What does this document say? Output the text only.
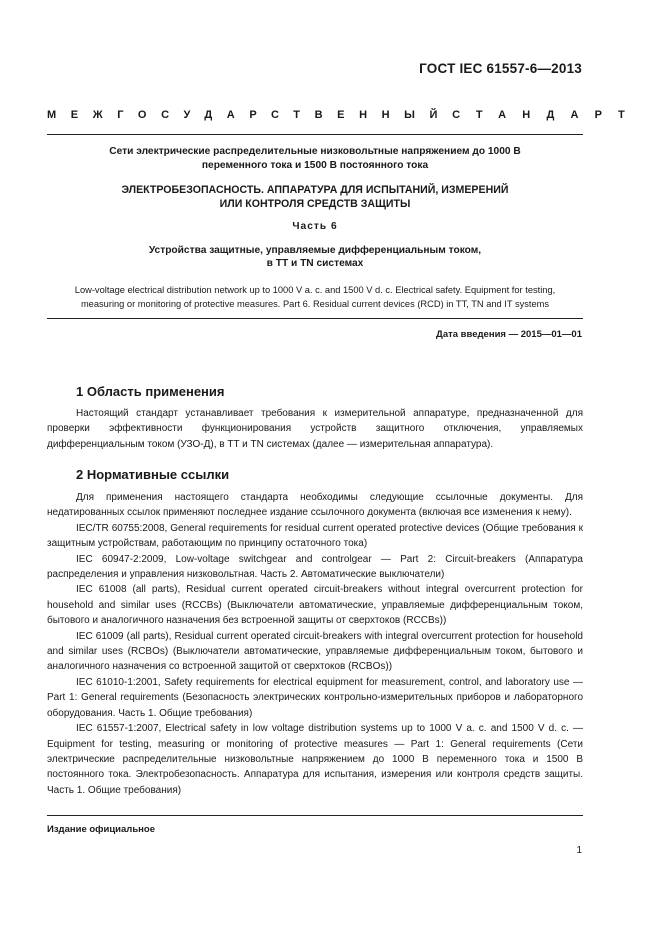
ГОСТ IEC 61557-6—2013
МЕЖГОСУДАРСТВЕННЫЙ СТАНДАРТ
Сети электрические распределительные низковольтные напряжением до 1000 В
переменного тока и 1500 В постоянного тока
ЭЛЕКТРОБЕЗОПАСНОСТЬ. АППАРАТУРА ДЛЯ ИСПЫТАНИЙ, ИЗМЕРЕНИЙ
ИЛИ КОНТРОЛЯ СРЕДСТВ ЗАЩИТЫ
Часть 6
Устройства защитные, управляемые дифференциальным током,
в TT и TN системах
Low-voltage electrical distribution network up to 1000 V a. c. and 1500 V d. c. Electrical safety. Equipment for testing,
measuring or monitoring of protective measures. Part 6. Residual current devices (RCD) in TT, TN and IT systems
Дата введения — 2015—01—01
1 Область применения

Настоящий стандарт устанавливает требования к измерительной аппаратуре, предназначенной для проверки эффективности функционирования устройств защитного отключения, управляемых дифференциальным током (УЗО-Д), в TT и TN системах (далее — измерительная аппаратура).

2 Нормативные ссылки

Для применения настоящего стандарта необходимы следующие ссылочные документы. Для недатированных ссылок применяют последнее издание ссылочного документа (включая все изменения к нему).

IEC/TR 60755:2008, General requirements for residual current operated protective devices (Общие требования к защитным устройствам, работающим по принципу остаточного тока)

IEC 60947-2:2009, Low-voltage switchgear and controlgear — Part 2: Circuit-breakers (Аппаратура распределения и управления низковольтная. Часть 2. Автоматические выключатели)

IEC 61008 (all parts), Residual current operated circuit-breakers without integral overcurrent protection for household and similar uses (RCCBs) (Выключатели автоматические, управляемые дифференциальным током, бытового и аналогичного назначения без встроенной защиты от сверхтоков (RCCBs))

IEC 61009 (all parts), Residual current operated circuit-breakers with integral overcurrent protection for household and similar uses (RCBOs) (Выключатели автоматические, управляемые дифференциальным током, бытового и аналогичного назначения со встроенной защитой от сверхтоков (RCBOs))

IEC 61010-1:2001, Safety requirements for electrical equipment for measurement, control, and laboratory use — Part 1: General requirements (Безопасность электрических контрольно-измерительных приборов и лабораторного оборудования. Часть 1. Общие требования)

IEC 61557-1:2007, Electrical safety in low voltage distribution systems up to 1000 V a. c. and 1500 V d. c. — Equipment for testing, measuring or monitoring of protective measures — Part 1: General requirements (Сети электрические распределительные низковольтные напряжением до 1000 В переменного тока и 1500 В постоянного тока. Электробезопасность. Аппаратура для испытания, измерения или контроля средств защиты. Часть 1. Общие требования)

Издание официальное
1
